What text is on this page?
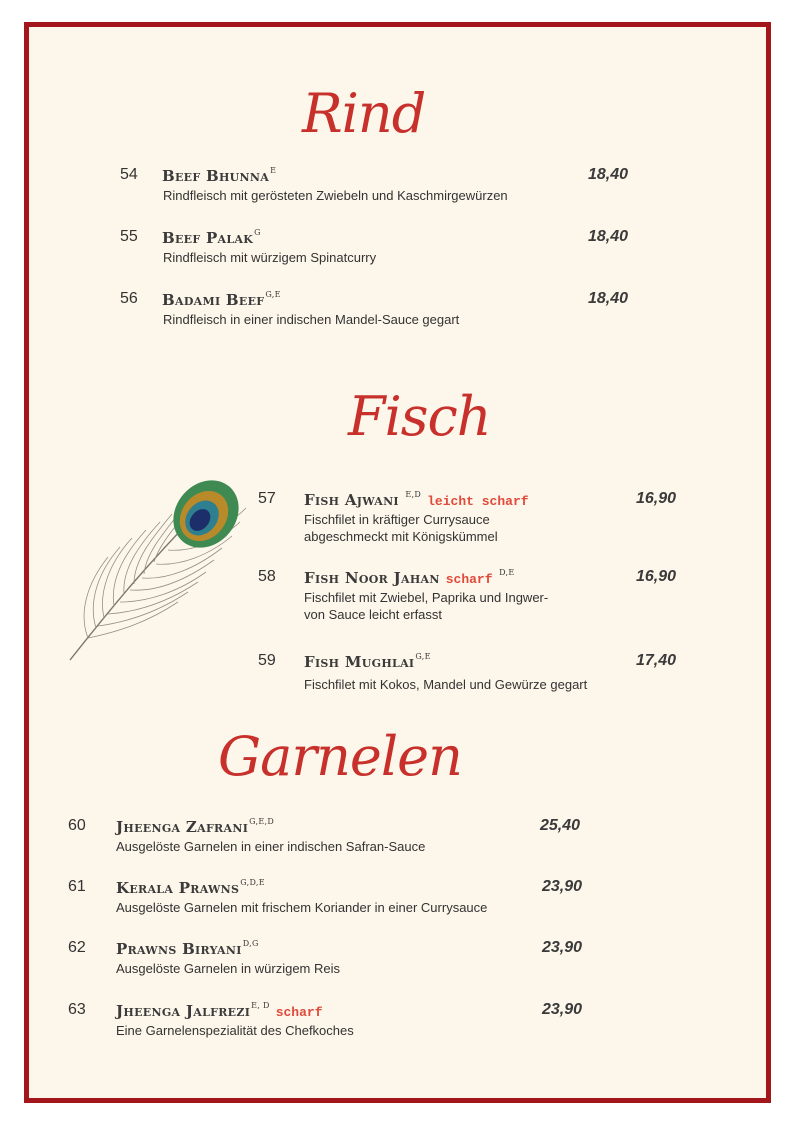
Rind
54 Beef Bhunna$^E$
Rindfleisch mit gerösteten Zwiebeln und Kaschmirgewürzen
18,40
55 Beef Palak$^G$
Rindfleisch mit würzigem Spinatcurry
18,40
56 Badami Beef$^{G,E}$
Rindfleisch in einer indischen Mandel-Sauce gegart
18,40
Fisch
57 Fish Ajwani $^{E,D}$ leicht scharf
Fischfilet in kräftiger Currysauce
abgeschmeckt mit Königskümmel
16,90
58 Fish Noor Jahan scharf $^{D,E}$
Fischfilet mit Zwiebel, Paprika und Ingwer-
von Sauce leicht erfasst
16,90
59 Fish Mughlai$^{G,E}$
Fischfilet mit Kokos, Mandel und Gewürze gegart
17,40
Garnelen
60 Jheenga Zafrani$^{G,E,D}$
Ausgelöste Garnelen in einer indischen Safran-Sauce
25,40
61 Kerala Prawns$^{G,D,E}$
Ausgelöste Garnelen mit frischem Koriander in einer Currysauce
23,90
62 Prawns Biryani$^{D,G}$
Ausgelöste Garnelen in würzigem Reis
23,90
63 Jheenga Jalfrezi$^{E, D}$ scharf
Eine Garnelenspezialität des Chefkoches
23,90
